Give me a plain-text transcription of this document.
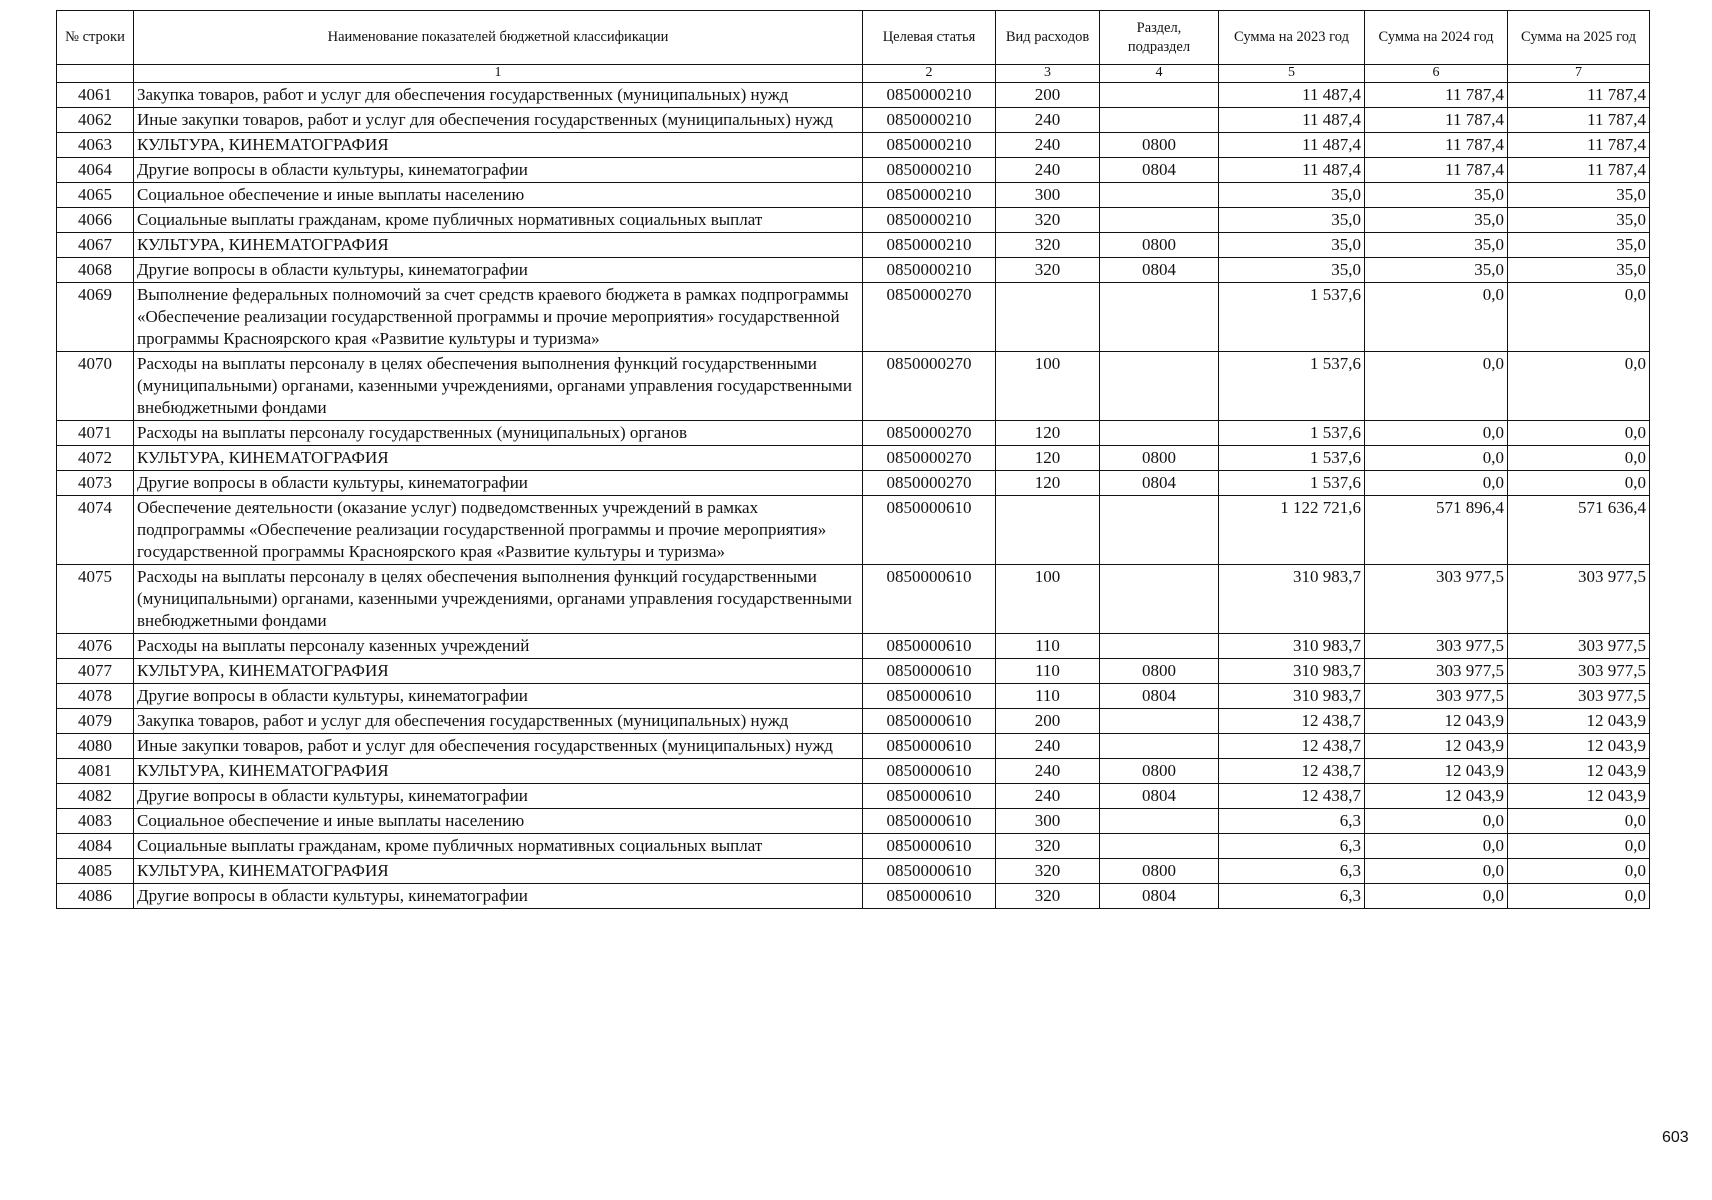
№ строки	Наименование показателей бюджетной классификации	Целевая статья	Вид расходов	Раздел, подраздел	Сумма на 2023 год	Сумма на 2024 год	Сумма на 2025 год
	1	2	3	4	5	6	7
4061	Закупка товаров, работ и услуг для обеспечения государственных (муниципальных) нужд	0850000210	200		11 487,4	11 787,4	11 787,4
4062	Иные закупки товаров, работ и услуг для обеспечения государственных (муниципальных) нужд	0850000210	240		11 487,4	11 787,4	11 787,4
4063	КУЛЬТУРА, КИНЕМАТОГРАФИЯ	0850000210	240	0800	11 487,4	11 787,4	11 787,4
4064	Другие вопросы в области культуры, кинематографии	0850000210	240	0804	11 487,4	11 787,4	11 787,4
4065	Социальное обеспечение и иные выплаты населению	0850000210	300		35,0	35,0	35,0
4066	Социальные выплаты гражданам, кроме публичных нормативных социальных выплат	0850000210	320		35,0	35,0	35,0
4067	КУЛЬТУРА, КИНЕМАТОГРАФИЯ	0850000210	320	0800	35,0	35,0	35,0
4068	Другие вопросы в области культуры, кинематографии	0850000210	320	0804	35,0	35,0	35,0
4069	Выполнение федеральных полномочий за счет средств краевого бюджета в рамках подпрограммы «Обеспечение реализации государственной программы и прочие мероприятия» государственной программы Красноярского края «Развитие культуры и туризма»	0850000270			1 537,6	0,0	0,0
4070	Расходы на выплаты персоналу в целях обеспечения выполнения функций государственными (муниципальными) органами, казенными учреждениями, органами управления государственными внебюджетными фондами	0850000270	100		1 537,6	0,0	0,0
4071	Расходы на выплаты персоналу государственных (муниципальных) органов	0850000270	120		1 537,6	0,0	0,0
4072	КУЛЬТУРА, КИНЕМАТОГРАФИЯ	0850000270	120	0800	1 537,6	0,0	0,0
4073	Другие вопросы в области культуры, кинематографии	0850000270	120	0804	1 537,6	0,0	0,0
4074	Обеспечение деятельности (оказание услуг) подведомственных учреждений в рамках подпрограммы «Обеспечение реализации государственной программы и прочие мероприятия» государственной программы Красноярского края «Развитие культуры и туризма»	0850000610			1 122 721,6	571 896,4	571 636,4
4075	Расходы на выплаты персоналу в целях обеспечения выполнения функций государственными (муниципальными) органами, казенными учреждениями, органами управления государственными внебюджетными фондами	0850000610	100		310 983,7	303 977,5	303 977,5
4076	Расходы на выплаты персоналу казенных учреждений	0850000610	110		310 983,7	303 977,5	303 977,5
4077	КУЛЬТУРА, КИНЕМАТОГРАФИЯ	0850000610	110	0800	310 983,7	303 977,5	303 977,5
4078	Другие вопросы в области культуры, кинематографии	0850000610	110	0804	310 983,7	303 977,5	303 977,5
4079	Закупка товаров, работ и услуг для обеспечения государственных (муниципальных) нужд	0850000610	200		12 438,7	12 043,9	12 043,9
4080	Иные закупки товаров, работ и услуг для обеспечения государственных (муниципальных) нужд	0850000610	240		12 438,7	12 043,9	12 043,9
4081	КУЛЬТУРА, КИНЕМАТОГРАФИЯ	0850000610	240	0800	12 438,7	12 043,9	12 043,9
4082	Другие вопросы в области культуры, кинематографии	0850000610	240	0804	12 438,7	12 043,9	12 043,9
4083	Социальное обеспечение и иные выплаты населению	0850000610	300		6,3	0,0	0,0
4084	Социальные выплаты гражданам, кроме публичных нормативных социальных выплат	0850000610	320		6,3	0,0	0,0
4085	КУЛЬТУРА, КИНЕМАТОГРАФИЯ	0850000610	320	0800	6,3	0,0	0,0
4086	Другие вопросы в области культуры, кинематографии	0850000610	320	0804	6,3	0,0	0,0
603
